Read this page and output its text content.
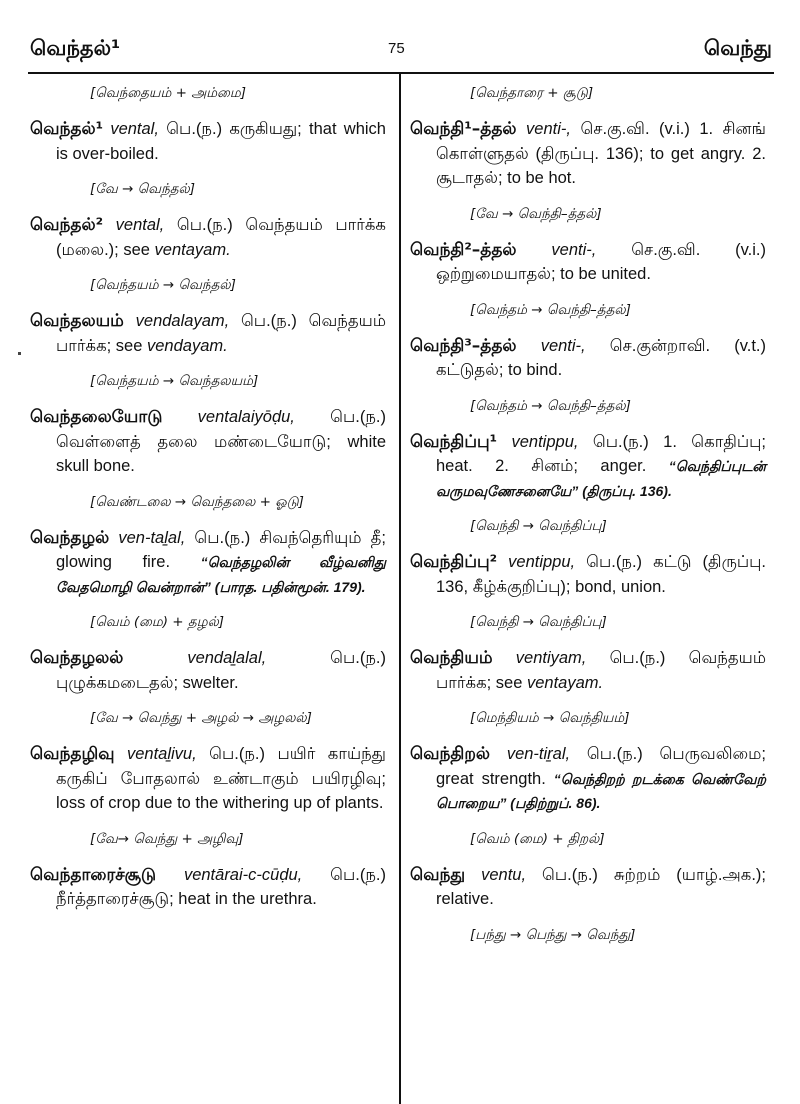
வெந்தல்¹	75	வெந்து
[வெந்தையம் + அம்மை]

வெந்தல்¹ vental, பெ.(ந.) கருகியது; that which is over-boiled.

[வே → வெந்தல்]

வெந்தல்² vental, பெ.(ந.) வெந்தயம் பார்க்க (மலை.); see ventayam.

[வெந்தயம் → வெந்தல்]

வெந்தலயம் vendalayam, பெ.(ந.) வெந்தயம் பார்க்க; see vendayam.

[வெந்தயம் → வெந்தலயம்]

வெந்தலையோடு ventalaiyōḍu, பெ.(ந.) வெள்ளைத் தலை மண்டையோடு; white skull bone.

[வெண்டலை → வெந்தலை + ஓடு]

வெந்தழல் ven-taḻal, பெ.(ந.) சிவந்தெரியும் தீ; glowing fire. “வெந்தழலின் வீழ்வனிது வேதமொழி வென்றான்” (பாரத. பதின்மூன். 179).

[வெம் (மை) + தழல்]

வெந்தழலல்	vendaḻalal, பெ.(ந.) புழுக்கமடைதல்; swelter.

[வே → வெந்து + அழல் → அழலல்]

வெந்தழிவு ventaḻivu, பெ.(ந.) பயிர் காய்ந்து கருகிப் போதலால் உண்டாகும் பயிரழிவு; loss of crop due to the withering up of plants.

[வே→ வெந்து + அழிவு]

வெந்தாரைச்சூடு ventārai-c-cūḍu, பெ.(ந.) நீர்த்தாரைச்சூடு; heat in the urethra.

[வெந்தாரை + சூடு]

வெந்தி¹–த்தல் venti-, செ.கு.வி. (v.i.) 1. சினங் கொள்ளுதல் (திருப்பு. 136); to get angry. 2. சூடாதல்; to be hot.

[வே → வெந்தி–த்தல்]

வெந்தி²–த்தல் venti-, செ.கு.வி. (v.i.) ஒற்றுமையாதல்; to be united.

[வெந்தம் → வெந்தி–த்தல்]

வெந்தி³–த்தல் venti-, செ.குன்றாவி. (v.t.) கட்டுதல்; to bind.

[வெந்தம் → வெந்தி–த்தல்]

வெந்திப்பு¹ ventippu, பெ.(ந.) 1. கொதிப்பு; heat. 2. சினம்; anger. “வெந்திப்புடன் வருமவுணேசனையே” (திருப்பு. 136).

[வெந்தி → வெந்திப்பு]

வெந்திப்பு² ventippu, பெ.(ந.) கட்டு (திருப்பு. 136, கீழ்க்குறிப்பு); bond, union.

[வெந்தி → வெந்திப்பு]

வெந்தியம் ventiyam, பெ.(ந.) வெந்தயம் பார்க்க; see ventayam.

[மெந்தியம் → வெந்தியம்]

வெந்திறல் ven-tiṟal, பெ.(ந.) பெருவலிமை; great strength. “வெந்திறற் றடக்கை வெண்வேற் பொறைய” (பதிற்றுப். 86).

[வெம் (மை) + திறல்]

வெந்து ventu, பெ.(ந.) சுற்றம் (யாழ்.அக.); relative.

[பந்து → பெந்து → வெந்து]
